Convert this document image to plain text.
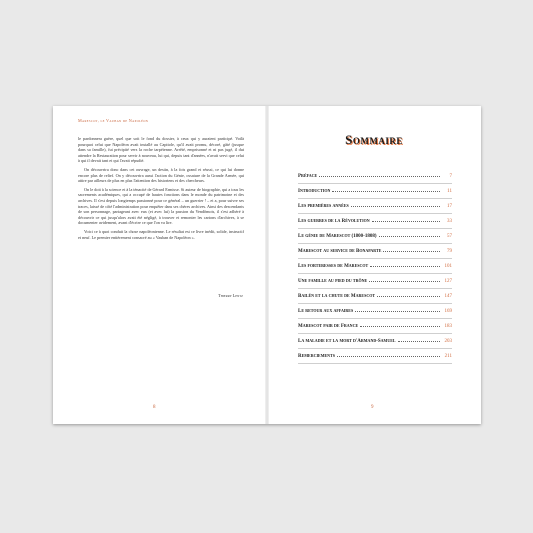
Marescot, le Vauban de Napoléon

le pardonnera guère, quel que soit le fond du dossier, à ceux qui y auraient participé. Voilà pourquoi celui que Napoléon avait installé au Capitole, qu'il avait promu, décoré, gâté (jusque dans sa famille), fut précipité vers la roche tarpéienne. Arrêté, emprisonné et ni pas jugé, il dut attendre la Restauration pour servir à nouveau, lui qui, depuis tant d'années, n'avait servi que celui à qui il devait tant et qui l'avait répudié.

On découvrira donc dans cet ouvrage, un destin, à la fois grand et réussi, ce qui lui donne encore plus de relief. On y découvrira aussi l'action du Génie, ossature de la Grande Armée, qui attire par ailleurs de plus en plus l'attention des historiens et des chercheurs.

On le doit à la science et à la ténacité de Gérard Ermisse. Si auteur de biographie, qui a tous les sacrements académiques, qui a occupé de hautes fonctions dans le monde du patrimoine et des archives. Il s'est depuis longtemps passionné pour ce général – un guerrier ! – et a, pour suivre ses traces, laissé de côté l'administration pour enquêter dans ses chères archives. Ainsi des descendants de son personnage, partageant avec eux (et avec lui) la passion du Vendômois, il s'est adhéré à découvrir ce qui jusqu'alors avait été négligé, à trouver et remonter les cartons d'archives, à se documenter avidement, avant d'écrire ce que l'on va lire.

Voici ce à quoi conduit la chose napoléonienne. Le résultat est ce livre inédit, solide, instructif et neuf. Le premier entièrement consacré au « Vauban de Napoléon ».

Thierry Lentz
8
Sommaire
Préface	7
Introduction	11
Les premières années	17
Les guerres de la Révolution	33
Le génie de Marescot (1800-1808)	57
Marescot au service de Bonaparte	79
Les forteresses de Marescot	101
Une famille au pied du trône	127
Bailén et la chute de Marescot	147
Le retour aux affaires	169
Marescot pair de France	183
La maladie et la mort d'Armand-Samuel	203
Remerciements	211
9
